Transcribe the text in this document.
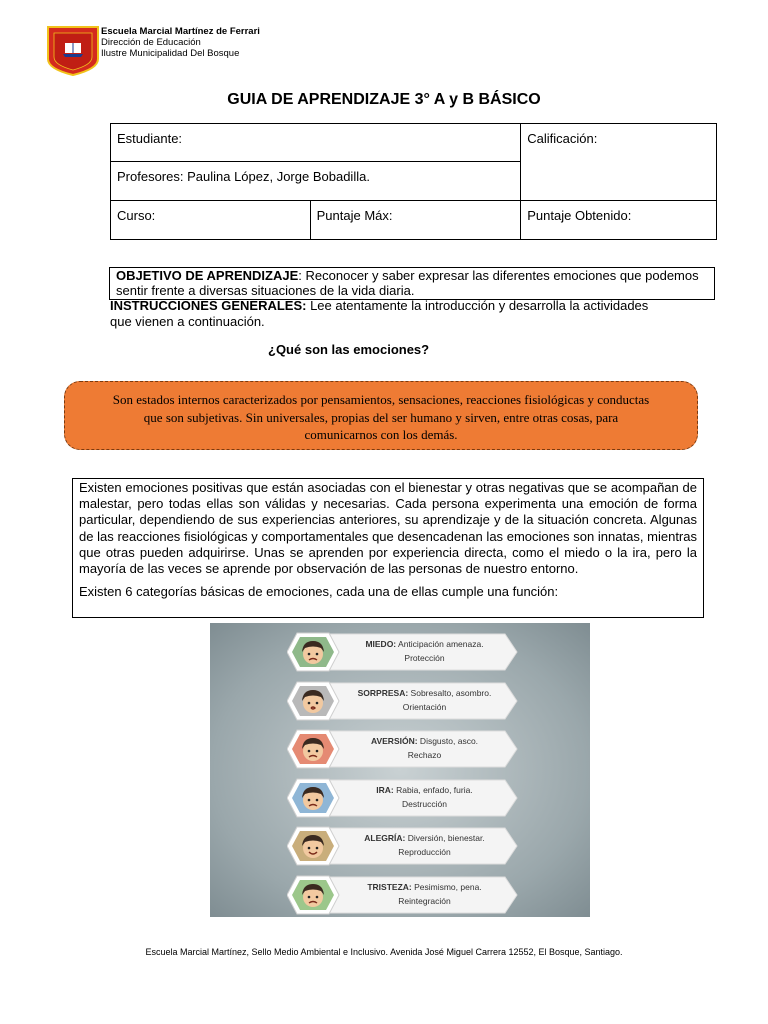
Escuela Marcial Martínez de Ferrari
Dirección de Educación
Ilustre Municipalidad Del Bosque
GUIA DE APRENDIZAJE 3° A y B BÁSICO
Estudiante:		Calificación:
Profesores: Paulina López, Jorge Bobadilla.		
Curso:	Puntaje Máx:	Puntaje Obtenido:
OBJETIVO DE APRENDIZAJE: Reconocer y saber expresar las diferentes emociones que podemos sentir frente a diversas situaciones de la vida diaria.
INSTRUCCIONES GENERALES: Lee atentamente la introducción y desarrolla la actividades que vienen a continuación.
¿Qué son las emociones?
Son estados internos caracterizados por pensamientos, sensaciones, reacciones fisiológicas y conductas
que son subjetivas. Sin universales, propias del ser humano y sirven, entre otras cosas, para
comunicarnos con los demás.

Existen emociones positivas que están asociadas con el bienestar y otras negativas que se acompañan de malestar, pero todas ellas son válidas y necesarias. Cada persona experimenta una emoción de forma particular, dependiendo de sus experiencias anteriores, su aprendizaje y de la situación concreta. Algunas de las reacciones fisiológicas y comportamentales que desencadenan las emociones son innatas, mientras que otras pueden adquirirse. Unas se aprenden por experiencia directa, como el miedo o la ira, pero la mayoría de las veces se aprende por observación de las personas de nuestro entorno.

Existen 6 categorías básicas de emociones, cada una de ellas cumple una función:

MIEDO: Anticipación amenaza.
Protección
SORPRESA: Sobresalto, asombro.
Orientación
AVERSIÓN: Disgusto, asco.
Rechazo
IRA: Rabia, enfado, furia.
Destrucción
ALEGRÍA: Diversión, bienestar.
Reproducción
TRISTEZA: Pesimismo, pena.
Reintegración
Escuela Marcial Martínez, Sello Medio Ambiental e Inclusivo. Avenida José Miguel Carrera 12552, El Bosque, Santiago.
